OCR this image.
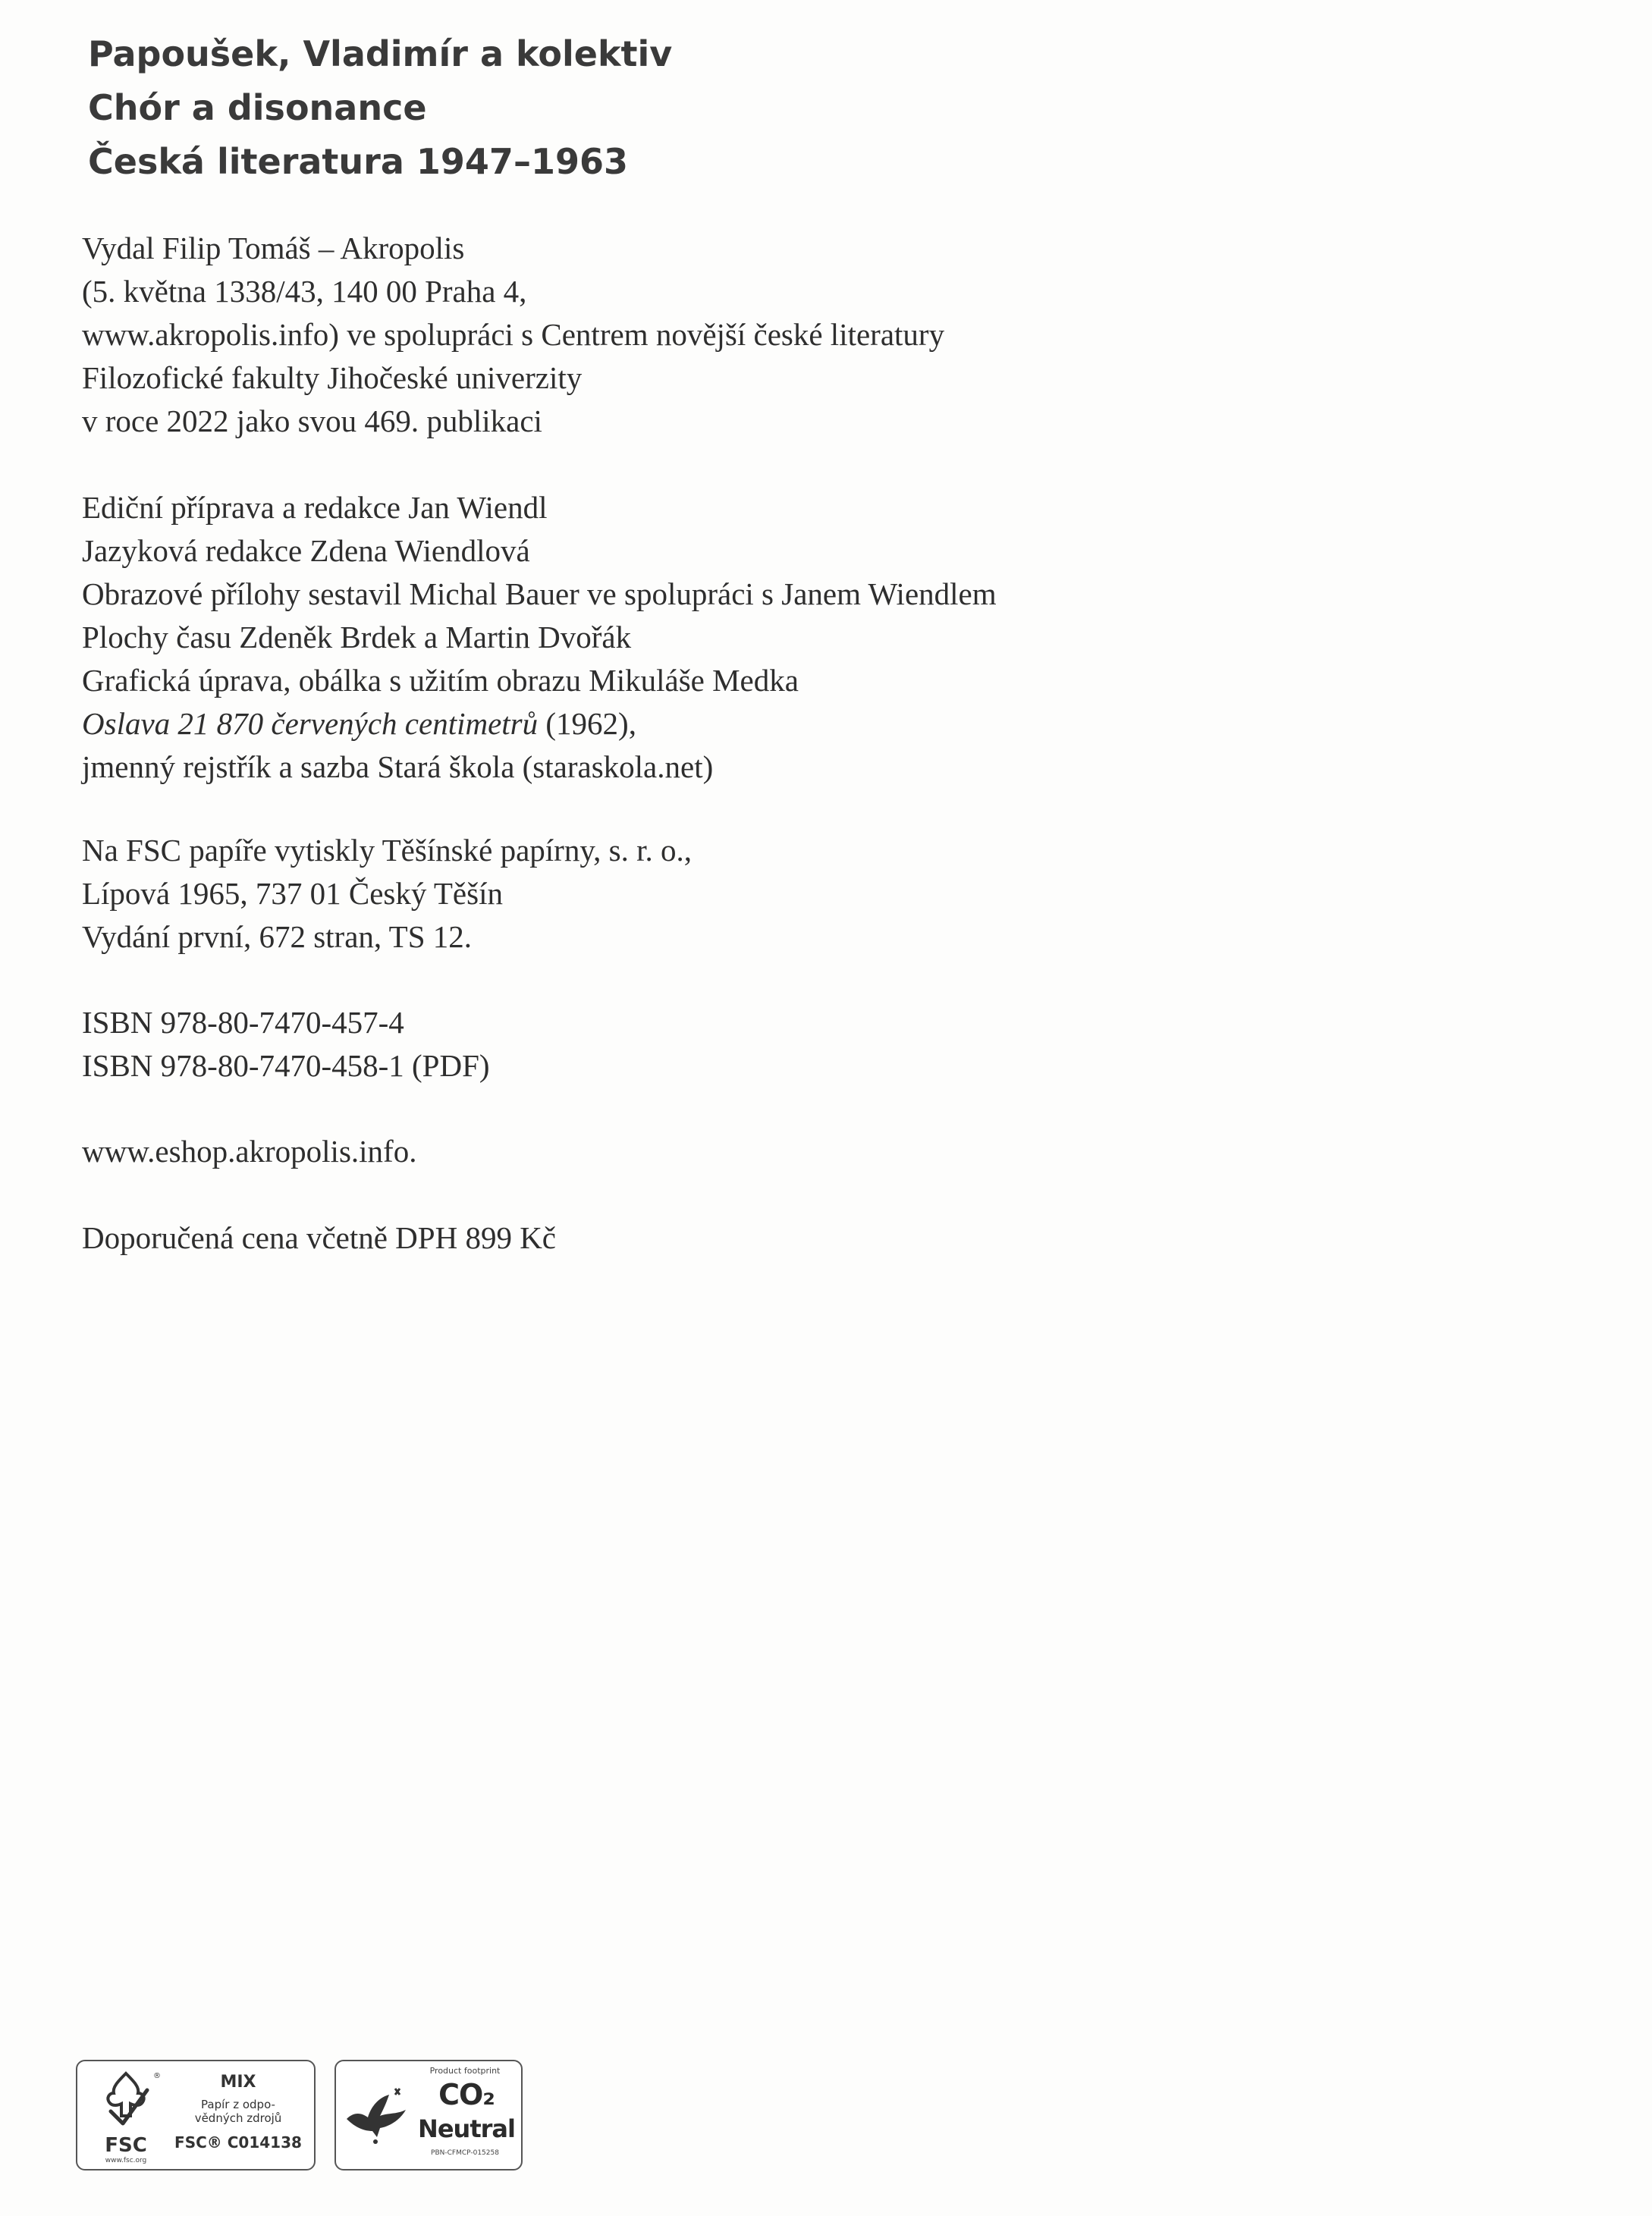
Papoušek, Vladimír a kolektiv
Chór a disonance
Česká literatura 1947–1963
Vydal Filip Tomáš – Akropolis
(5. května 1338/43, 140 00 Praha 4,
www.akropolis.info) ve spolupráci s Centrem novější české literatury
Filozofické fakulty Jihočeské univerzity
v roce 2022 jako svou 469. publikaci
Ediční příprava a redakce Jan Wiendl
Jazyková redakce Zdena Wiendlová
Obrazové přílohy sestavil Michal Bauer ve spolupráci s Janem Wiendlem
Plochy času Zdeněk Brdek a Martin Dvořák
Grafická úprava, obálka s užitím obrazu Mikuláše Medka
Oslava 21 870 červených centimetrů (1962),
jmenný rejstřík a sazba Stará škola (staraskola.net)
Na FSC papíře vytiskly Těšínské papírny, s. r. o.,
Lípová 1965, 737 01 Český Těšín
Vydání první, 672 stran, TS 12.
ISBN 978-80-7470-457-4
ISBN 978-80-7470-458-1 (PDF)
www.eshop.akropolis.info.
Doporučená cena včetně DPH 899 Kč
®
FSC
www.fsc.org
MIX
Papír z odpo-
vědných zdrojů
FSC® C014138
Product footprint
CO₂
Neutral
PBN-CFMCP-015258
